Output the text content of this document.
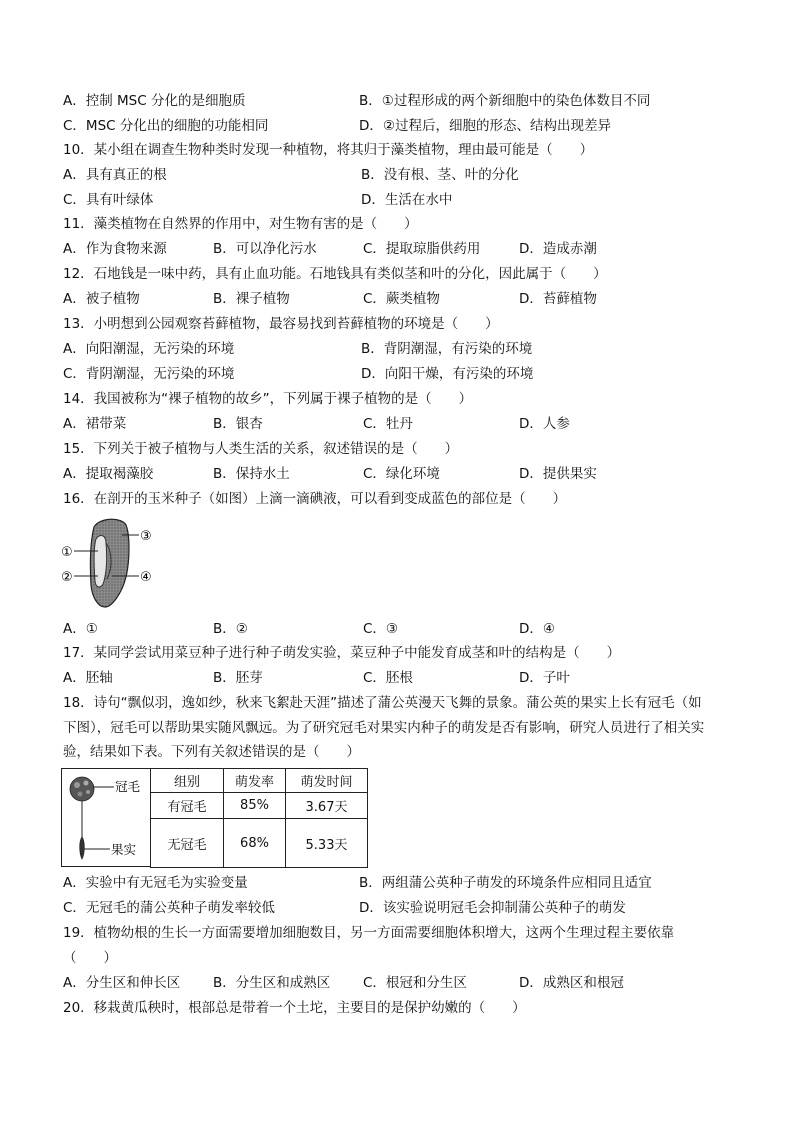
A．控制 MSC 分化的是细胞质	B．①过程形成的两个新细胞中的染色体数目不同
C．MSC 分化出的细胞的功能相同	D．②过程后，细胞的形态、结构出现差异
10．某小组在调查生物种类时发现一种植物，将其归于藻类植物，理由最可能是（　　）
A．具有真正的根	B．没有根、茎、叶的分化
C．具有叶绿体	D．生活在水中
11．藻类植物在自然界的作用中，对生物有害的是（　　）
A．作为食物来源	B．可以净化污水	C．提取琼脂供药用	D．造成赤潮
12．石地钱是一味中药，具有止血功能。石地钱具有类似茎和叶的分化，因此属于（　　）
A．被子植物	B．裸子植物	C．蕨类植物	D．苔藓植物
13．小明想到公园观察苔藓植物，最容易找到苔藓植物的环境是（　　）
A．向阳潮湿，无污染的环境	B．背阴潮湿，有污染的环境
C．背阴潮湿，无污染的环境	D．向阳干燥，有污染的环境
14．我国被称为“裸子植物的故乡”，下列属于裸子植物的是（　　）
A．裙带菜	B．银杏	C．牡丹	D．人参
15．下列关于被子植物与人类生活的关系，叙述错误的是（　　）
A．提取褐藻胶	B．保持水土	C．绿化环境	D．提供果实
16．在剖开的玉米种子（如图）上滴一滴碘液，可以看到变成蓝色的部位是（　　）
①
②
③
④
A．①	B．②	C．③	D．④
17．某同学尝试用菜豆种子进行种子萌发实验，菜豆种子中能发育成茎和叶的结构是（　　）
A．胚轴	B．胚芽	C．胚根	D．子叶
18．诗句“飘似羽，逸如纱，秋来飞絮赴天涯”描述了蒲公英漫天飞舞的景象。蒲公英的果实上长有冠毛（如
下图），冠毛可以帮助果实随风飘远。为了研究冠毛对果实内种子的萌发是否有影响，研究人员进行了相关实
验，结果如下表。下列有关叙述错误的是（　　）
冠毛
果实
组别	萌发率	萌发时间
有冠毛	85%	3.67天
无冠毛	68%	5.33天
A．实验中有无冠毛为实验变量	B．两组蒲公英种子萌发的环境条件应相同且适宜
C．无冠毛的蒲公英种子萌发率较低	D．该实验说明冠毛会抑制蒲公英种子的萌发
19．植物幼根的生长一方面需要增加细胞数目，另一方面需要细胞体积增大，这两个生理过程主要依靠
（　　）
A．分生区和伸长区 B．分生区和成熟区 C．根冠和分生区	D．成熟区和根冠
20．移栽黄瓜秧时，根部总是带着一个土坨，主要目的是保护幼嫩的（　　）
